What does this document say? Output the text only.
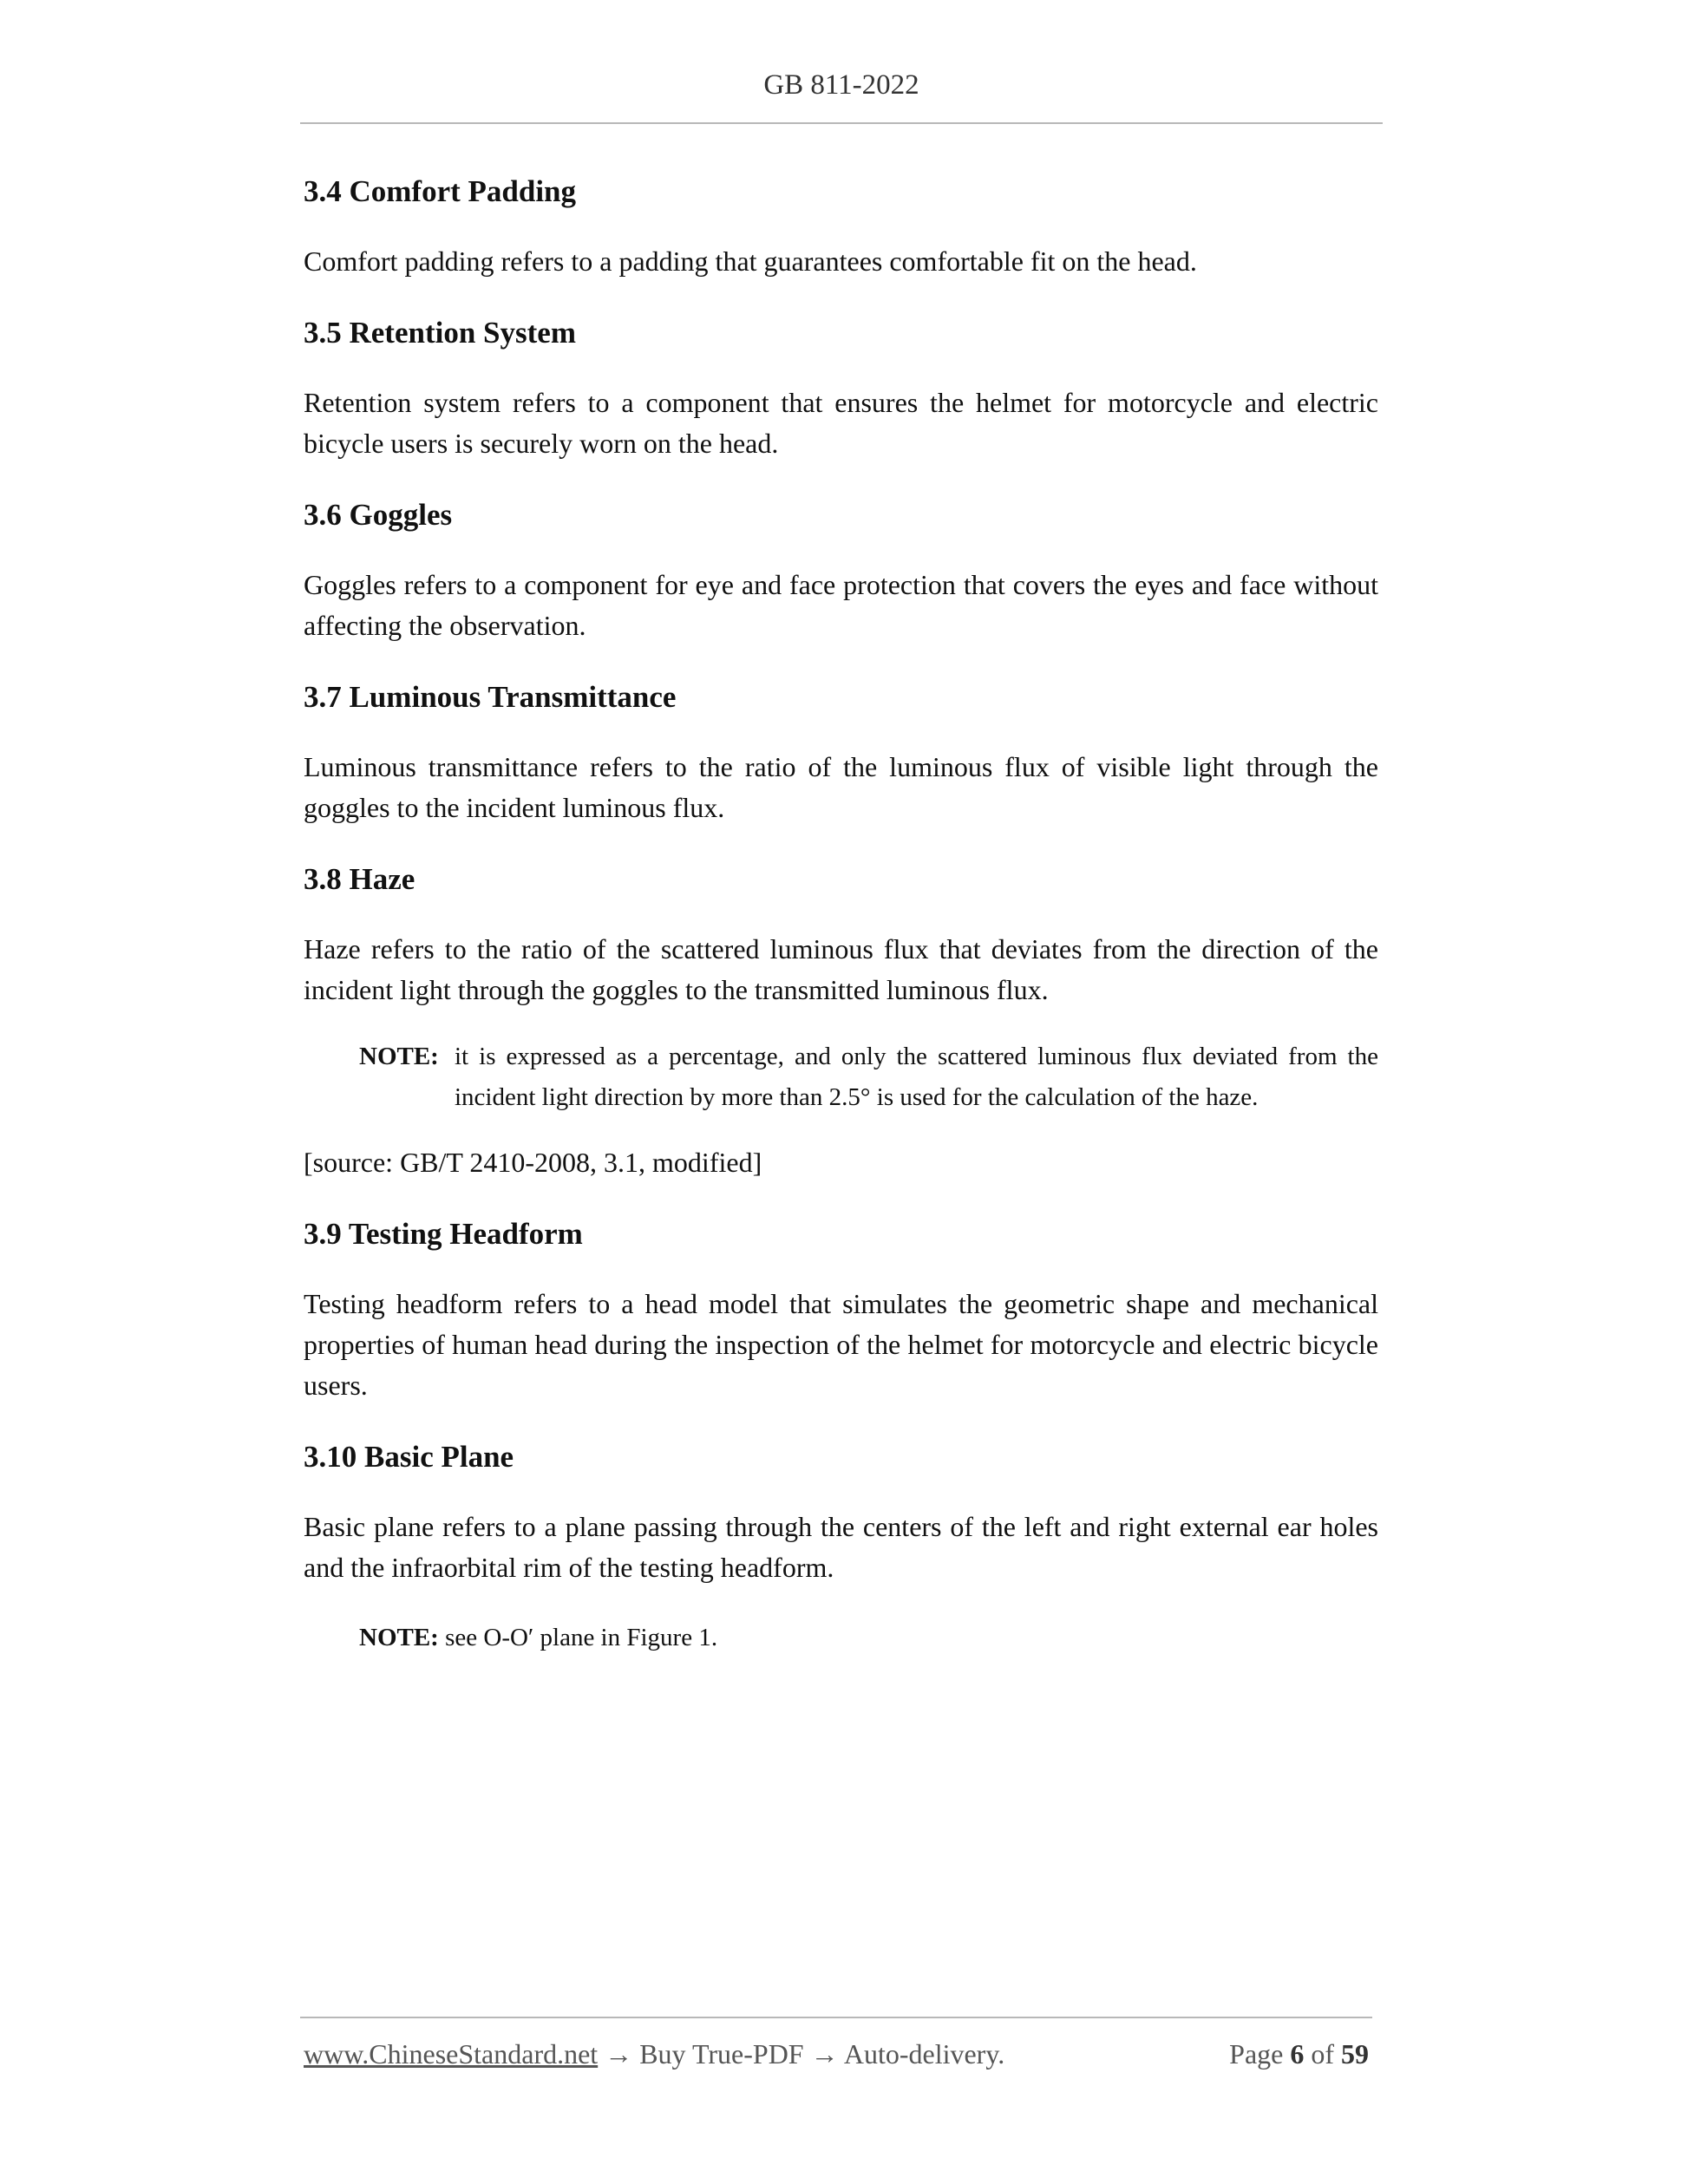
GB 811-2022
3.4 Comfort Padding

Comfort padding refers to a padding that guarantees comfortable fit on the head.

3.5 Retention System

Retention system refers to a component that ensures the helmet for motorcycle and electric bicycle users is securely worn on the head.

3.6 Goggles

Goggles refers to a component for eye and face protection that covers the eyes and face without affecting the observation.

3.7 Luminous Transmittance

Luminous transmittance refers to the ratio of the luminous flux of visible light through the goggles to the incident luminous flux.

3.8 Haze

Haze refers to the ratio of the scattered luminous flux that deviates from the direction of the incident light through the goggles to the transmitted luminous flux.

NOTE: it is expressed as a percentage, and only the scattered luminous flux deviated from the incident light direction by more than 2.5° is used for the calculation of the haze.

[source: GB/T 2410-2008, 3.1, modified]

3.9 Testing Headform

Testing headform refers to a head model that simulates the geometric shape and mechanical properties of human head during the inspection of the helmet for motorcycle and electric bicycle users.

3.10 Basic Plane

Basic plane refers to a plane passing through the centers of the left and right external ear holes and the infraorbital rim of the testing headform.

NOTE: see O-O′ plane in Figure 1.

www.ChineseStandard.net → Buy True-PDF → Auto-delivery.	Page 6 of 59
